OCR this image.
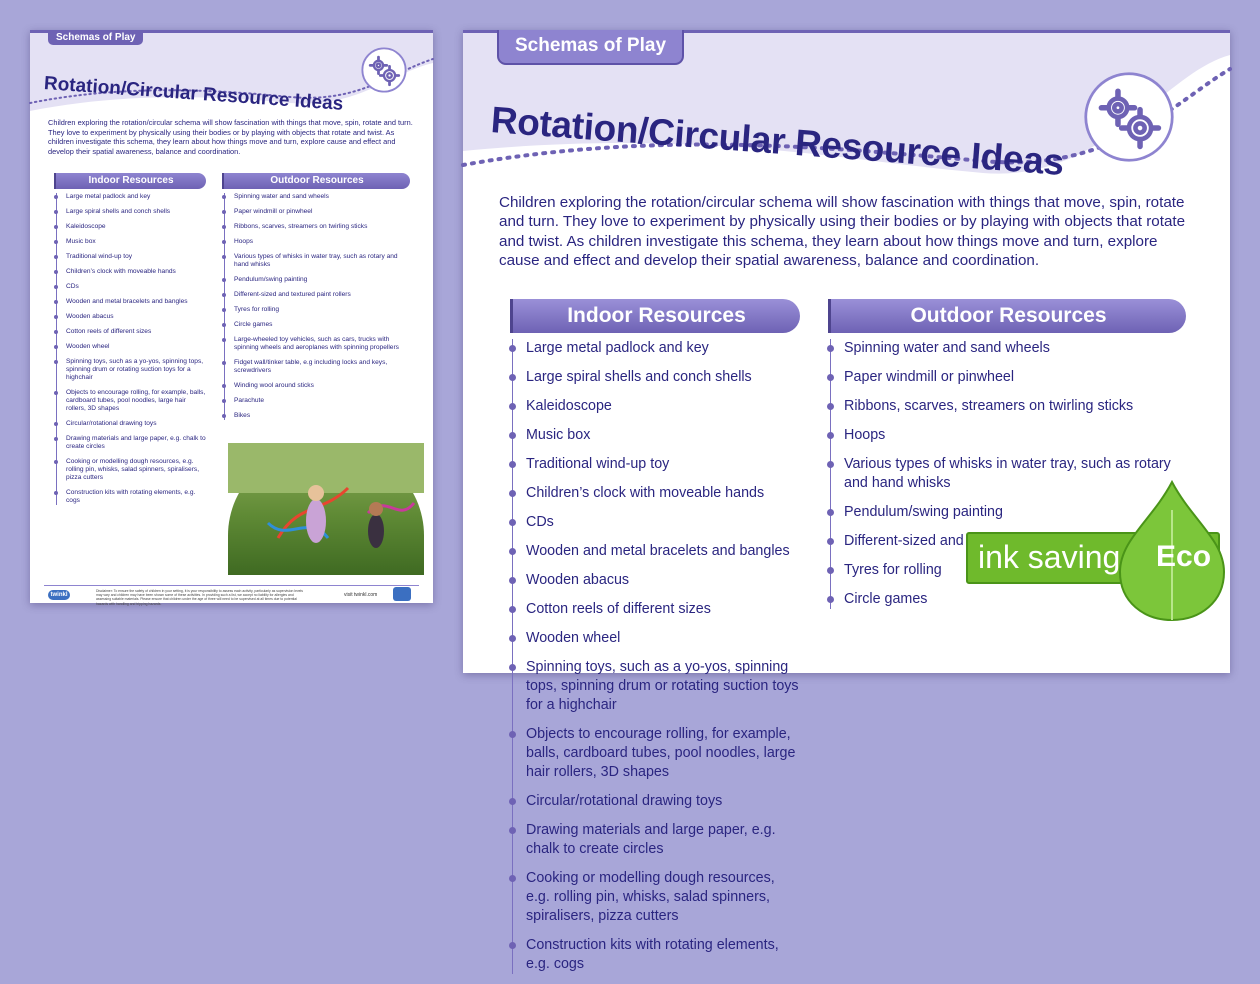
Schemas of Play
Rotation/Circular Resource Ideas
Children exploring the rotation/circular schema will show fascination with things that move, spin, rotate and turn. They love to experiment by physically using their bodies or by playing with objects that rotate and twist. As children investigate this schema, they learn about how things move and turn, explore cause and effect and develop their spatial awareness, balance and coordination.
Indoor Resources
Large metal padlock and key
Large spiral shells and conch shells
Kaleidoscope
Music box
Traditional wind-up toy
Children’s clock with moveable hands
CDs
Wooden and metal bracelets and bangles
Wooden abacus
Cotton reels of different sizes
Wooden wheel
Spinning toys, such as a yo-yos, spinning tops, spinning drum or rotating suction toys for a highchair
Objects to encourage rolling, for example, balls, cardboard tubes, pool noodles, large hair rollers, 3D shapes
Circular/rotational drawing toys
Drawing materials and large paper, e.g. chalk to create circles
Cooking or modelling dough resources, e.g. rolling pin, whisks, salad spinners, spiralisers, pizza cutters
Construction kits with rotating elements, e.g. cogs
Outdoor Resources
Spinning water and sand wheels
Paper windmill or pinwheel
Ribbons, scarves, streamers on twirling sticks
Hoops
Various types of whisks in water tray, such as rotary and hand whisks
Pendulum/swing painting
Different-sized and textured paint rollers
Tyres for rolling
Circle games
Large-wheeled toy vehicles, such as cars, trucks with spinning wheels and aeroplanes with spinning propellers
Fidget wall/tinker table, e.g including locks and keys, screwdrivers
Winding wool around sticks
Parachute
Bikes
twinkl
Disclaimer: To ensure the safety of children in your setting, it is your responsibility to assess each activity, particularly as supervision levels may vary and children may have been shown some of these activities. In providing such a list, we accept no liability for allergies and assessing suitable materials. Please ensure that children under the age of three will need to be supervised at all times due to potential hazards with handling and tripping hazards.
visit twinkl.com
Schemas of Play
Rotation/Circular Resource Ideas
Children exploring the rotation/circular schema will show fascination with things that move, spin, rotate and turn. They love to experiment by physically using their bodies or by playing with objects that rotate and twist. As children investigate this schema, they learn about how things move and turn, explore cause and effect and develop their spatial awareness, balance and coordination.
Indoor Resources
Large metal padlock and key
Large spiral shells and conch shells
Kaleidoscope
Music box
Traditional wind-up toy
Children’s clock with moveable hands
CDs
Wooden and metal bracelets and bangles
Wooden abacus
Cotton reels of different sizes
Wooden wheel
Spinning toys, such as a yo-yos, spinning tops, spinning drum or rotating suction toys for a highchair
Objects to encourage rolling, for example, balls, cardboard tubes, pool noodles, large hair rollers, 3D shapes
Circular/rotational drawing toys
Drawing materials and large paper, e.g. chalk to create circles
Cooking or modelling dough resources, e.g. rolling pin, whisks, salad spinners, spiralisers, pizza cutters
Construction kits with rotating elements, e.g. cogs
Outdoor Resources
Spinning water and sand wheels
Paper windmill or pinwheel
Ribbons, scarves, streamers on twirling sticks
Hoops
Various types of whisks in water tray, such as rotary and hand whisks
Pendulum/swing painting
Different-sized and
Tyres for rolling
Circle games
ink saving Eco
